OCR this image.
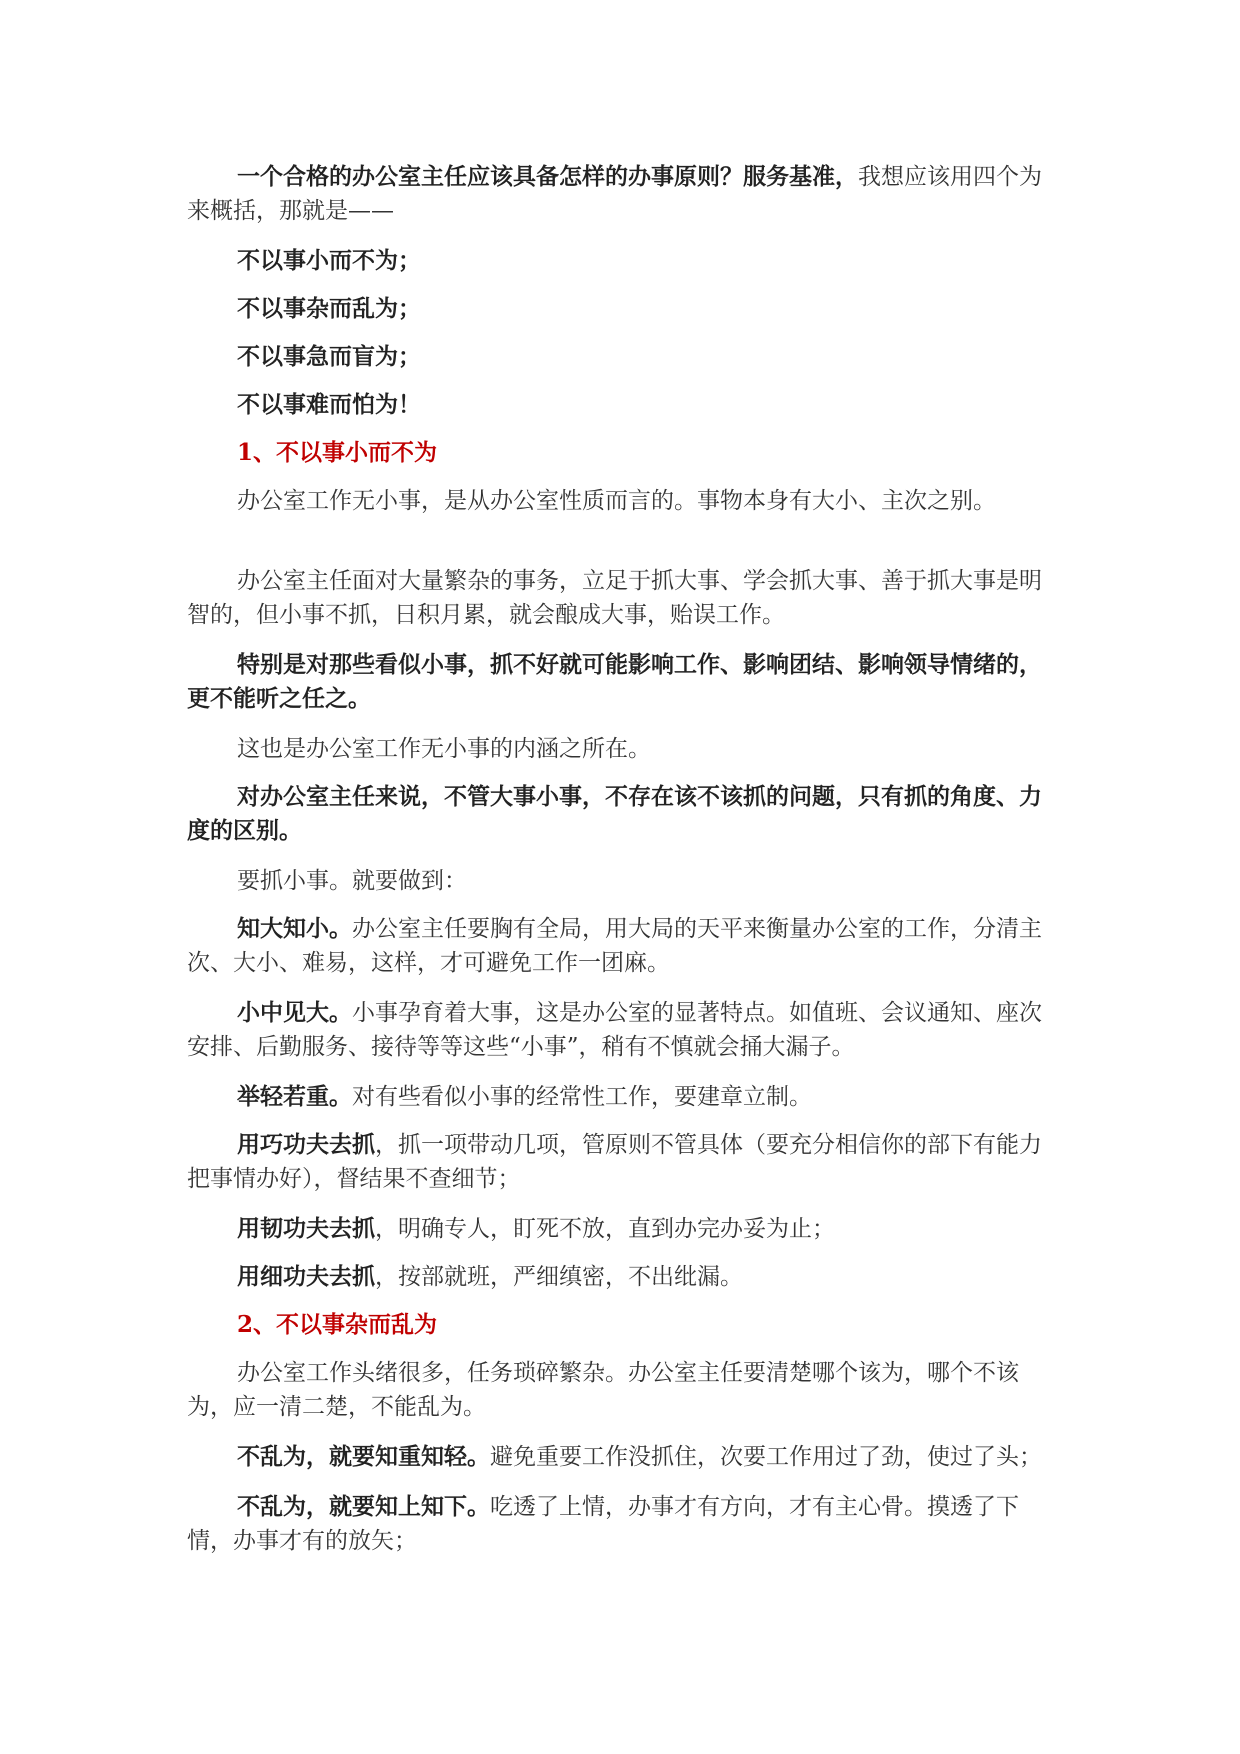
一个合格的办公室主任应该具备怎样的办事原则？服务基准，我想应该用四个为来概括，那就是——

不以事小而不为；

不以事杂而乱为；

不以事急而盲为；

不以事难而怕为！

1、不以事小而不为

办公室工作无小事，是从办公室性质而言的。事物本身有大小、主次之别。

办公室主任面对大量繁杂的事务，立足于抓大事、学会抓大事、善于抓大事是明智的，但小事不抓，日积月累，就会酿成大事，贻误工作。

特别是对那些看似小事，抓不好就可能影响工作、影响团结、影响领导情绪的，更不能听之任之。

这也是办公室工作无小事的内涵之所在。

对办公室主任来说，不管大事小事，不存在该不该抓的问题，只有抓的角度、力度的区别。

要抓小事。就要做到：

知大知小。办公室主任要胸有全局，用大局的天平来衡量办公室的工作，分清主次、大小、难易，这样，才可避免工作一团麻。

小中见大。小事孕育着大事，这是办公室的显著特点。如值班、会议通知、座次安排、后勤服务、接待等等这些“小事”，稍有不慎就会捅大漏子。

举轻若重。对有些看似小事的经常性工作，要建章立制。

用巧功夫去抓，抓一项带动几项，管原则不管具体（要充分相信你的部下有能力把事情办好），督结果不查细节；

用韧功夫去抓，明确专人，盯死不放，直到办完办妥为止；

用细功夫去抓，按部就班，严细缜密，不出纰漏。

2、不以事杂而乱为

办公室工作头绪很多，任务琐碎繁杂。办公室主任要清楚哪个该为，哪个不该为，应一清二楚，不能乱为。

不乱为，就要知重知轻。避免重要工作没抓住，次要工作用过了劲，使过了头；

不乱为，就要知上知下。吃透了上情，办事才有方向，才有主心骨。摸透了下情，办事才有的放矢；
